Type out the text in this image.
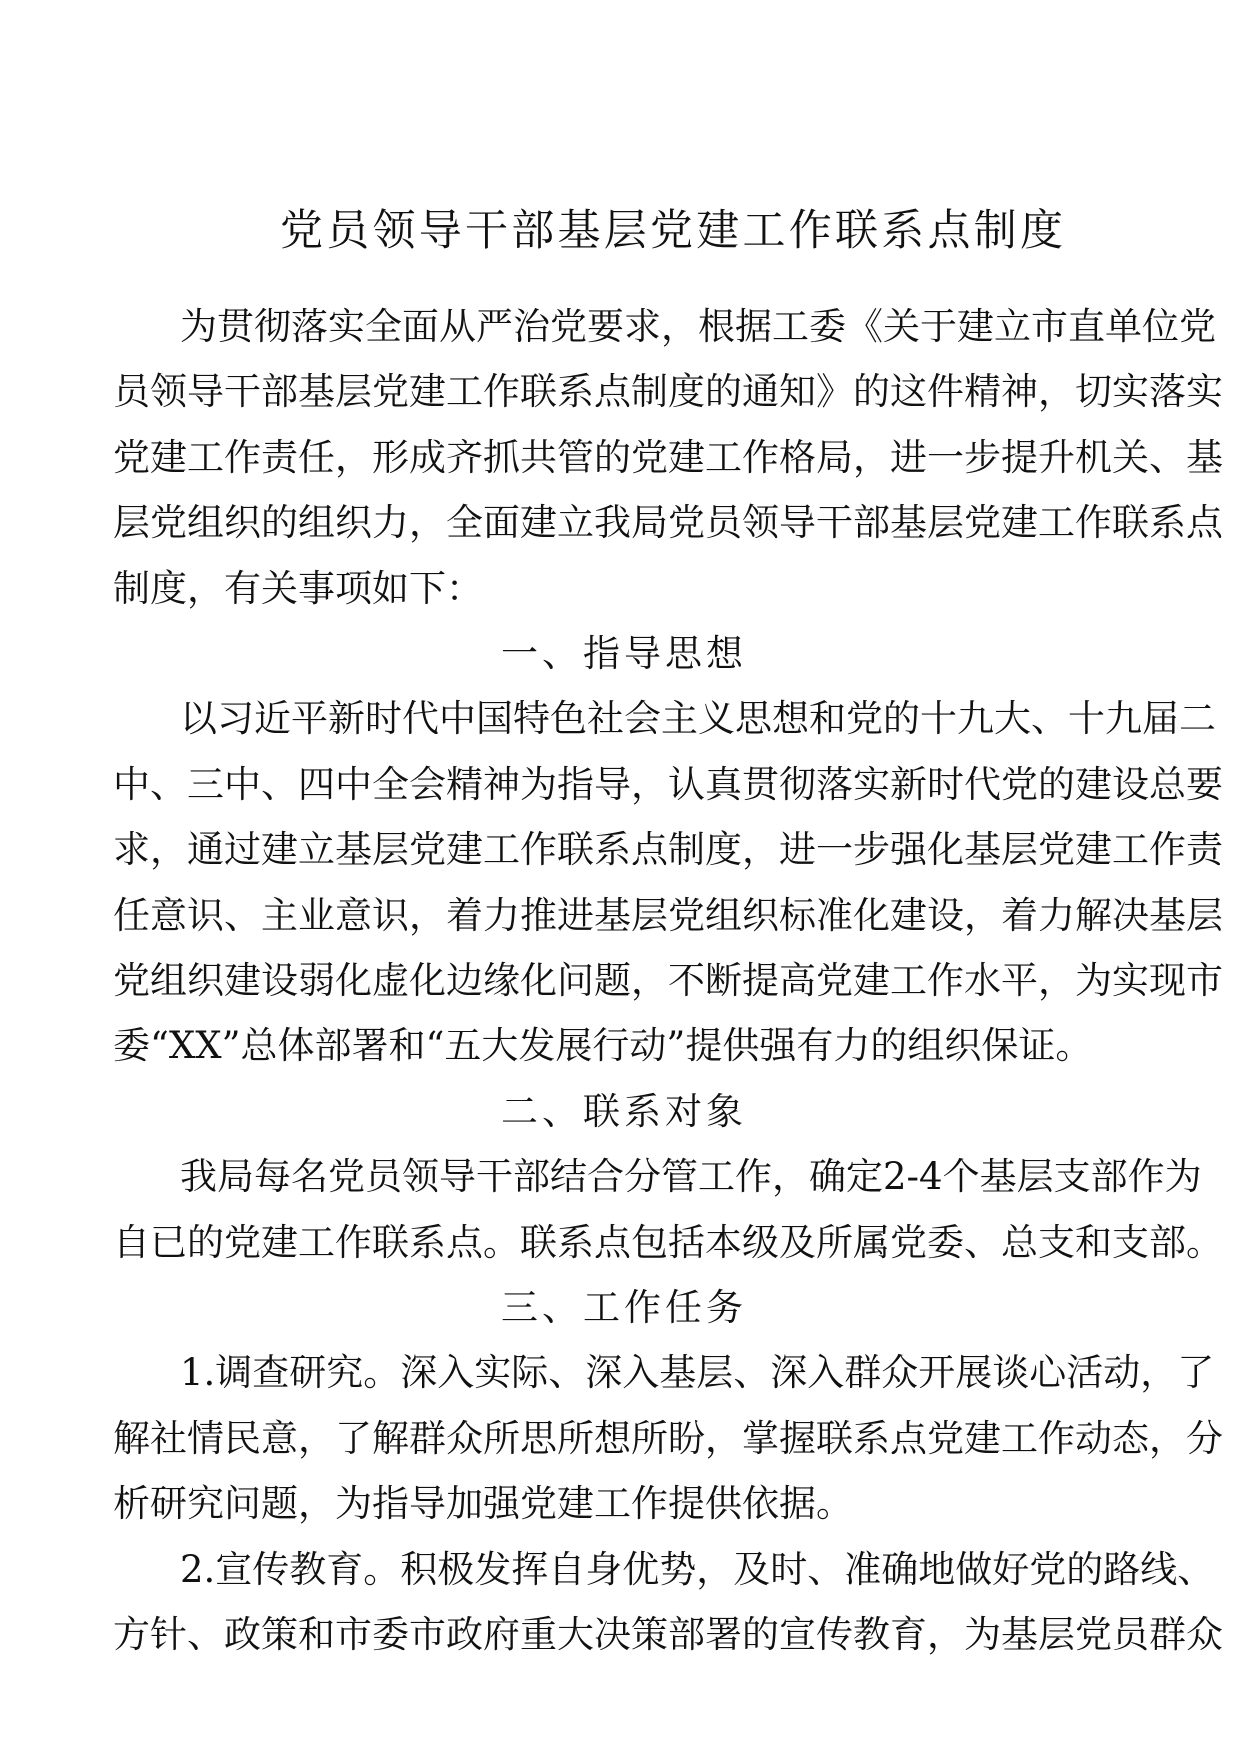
党员领导干部基层党建工作联系点制度
为贯彻落实全面从严治党要求，根据工委《关于建立市直单位党
员领导干部基层党建工作联系点制度的通知》的这件精神，切实落实
党建工作责任，形成齐抓共管的党建工作格局，进一步提升机关、基
层党组织的组织力，全面建立我局党员领导干部基层党建工作联系点
制度，有关事项如下：
一、指导思想
以习近平新时代中国特色社会主义思想和党的十九大、十九届二
中、三中、四中全会精神为指导，认真贯彻落实新时代党的建设总要
求，通过建立基层党建工作联系点制度，进一步强化基层党建工作责
任意识、主业意识，着力推进基层党组织标准化建设，着力解决基层
党组织建设弱化虚化边缘化问题，不断提高党建工作水平，为实现市
委“XX”总体部署和“五大发展行动”提供强有力的组织保证。
二、联系对象
我局每名党员领导干部结合分管工作，确定2-4个基层支部作为
自已的党建工作联系点。联系点包括本级及所属党委、总支和支部。
三、工作任务
1.调查研究。深入实际、深入基层、深入群众开展谈心活动，了
解社情民意，了解群众所思所想所盼，掌握联系点党建工作动态，分
析研究问题，为指导加强党建工作提供依据。
2.宣传教育。积极发挥自身优势，及时、准确地做好党的路线、
方针、政策和市委市政府重大决策部署的宣传教育，为基层党员群众
